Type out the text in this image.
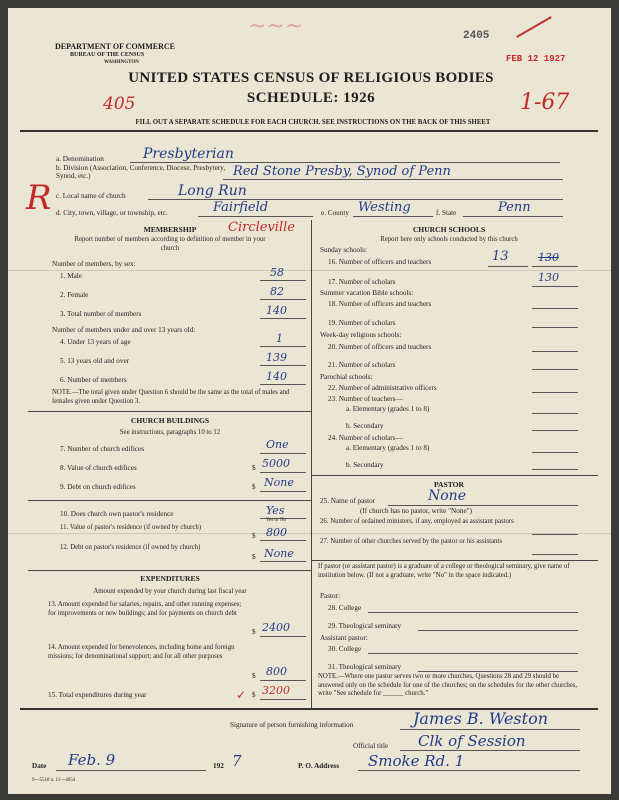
~~~	2405
FEB 12 1927
405	1-67
R
Circleville
DEPARTMENT OF COMMERCE
BUREAU OF THE CENSUS
WASHINGTON
UNITED STATES CENSUS OF RELIGIOUS BODIES
SCHEDULE: 1926
FILL OUT A SEPARATE SCHEDULE FOR EACH CHURCH. SEE INSTRUCTIONS ON THE BACK OF THIS SHEET
a. Denomination	Presbyterian
b. Division (Association, Conference, Diocese, Presbytery, Synod, etc.)	Red Stone Presby, Synod of Penn
c. Local name of church	Long Run
d. City, town, village, or township, etc.	Fairfield	e. County Westing	f. State	Penn
MEMBERSHIP
Report number of members according to definition of member in your church
Number of members, by sex:
1. Male	58
2. Female	82
3. Total number of members	140
Number of members under and over 13 years old:
4. Under 13 years of age	1
5. 13 years old and over	139
6. Number of members	140
NOTE.—The total given under Question 6 should be the same as the total of males and females given under Question 3.
CHURCH BUILDINGS
See instructions, paragraphs 10 to 12
7. Number of church edifices	One
8. Value of church edifices	$ 5000
9. Debt on church edifices	$ None
10. Does church own pastor's residence	Yes
Yes or No
11. Value of pastor's residence (if owned by church)
$ 800
12. Debt on pastor's residence (if owned by church)
$ None
EXPENDITURES
Amount expended by your church during last fiscal year
13. Amount expended for salaries, repairs, and other running expenses; for improvements or new buildings; and for payments on church debt
$ 2400
14. Amount expended for benevolences, including home and foreign missions; for denominational support; and for all other purposes
$ 800
15. Total expenditures during year	$ 3200
✓
CHURCH SCHOOLS
Report here only schools conducted by this church
Sunday schools:
16. Number of officers and teachers	13	130
17. Number of scholars	130
Summer vacation Bible schools:
18. Number of officers and teachers
19. Number of scholars
Week-day religious schools:
20. Number of officers and teachers
21. Number of scholars
Parochial schools:
22. Number of administrative officers
23. Number of teachers—
a. Elementary (grades 1 to 8)
b. Secondary
24. Number of scholars—
a. Elementary (grades 1 to 8)
b. Secondary
PASTOR
25. Name of pastor	None
(If church has no pastor, write "None")
26. Number of ordained ministers, if any, employed as assistant pastors
27. Number of other churches served by the pastor or his assistants
If pastor (or assistant pastor) is a graduate of a college or theological seminary, give name of institution below. (If not a graduate, write "No" in the space indicated.)
Pastor:
28. College
29. Theological seminary
Assistant pastor:
30. College
31. Theological seminary
NOTE.—Where one pastor serves two or more churches, Questions 28 and 29 should be answered only on the schedule for one of the churches; on the schedules for the other churches, write "See schedule for ______ church."
Signature of person furnishing information	James B. Weston
Official title Clk of Session
Date Feb. 9	192 7	P. O. Address Smoke Rd. 1
9—5518 a. 11—4054
